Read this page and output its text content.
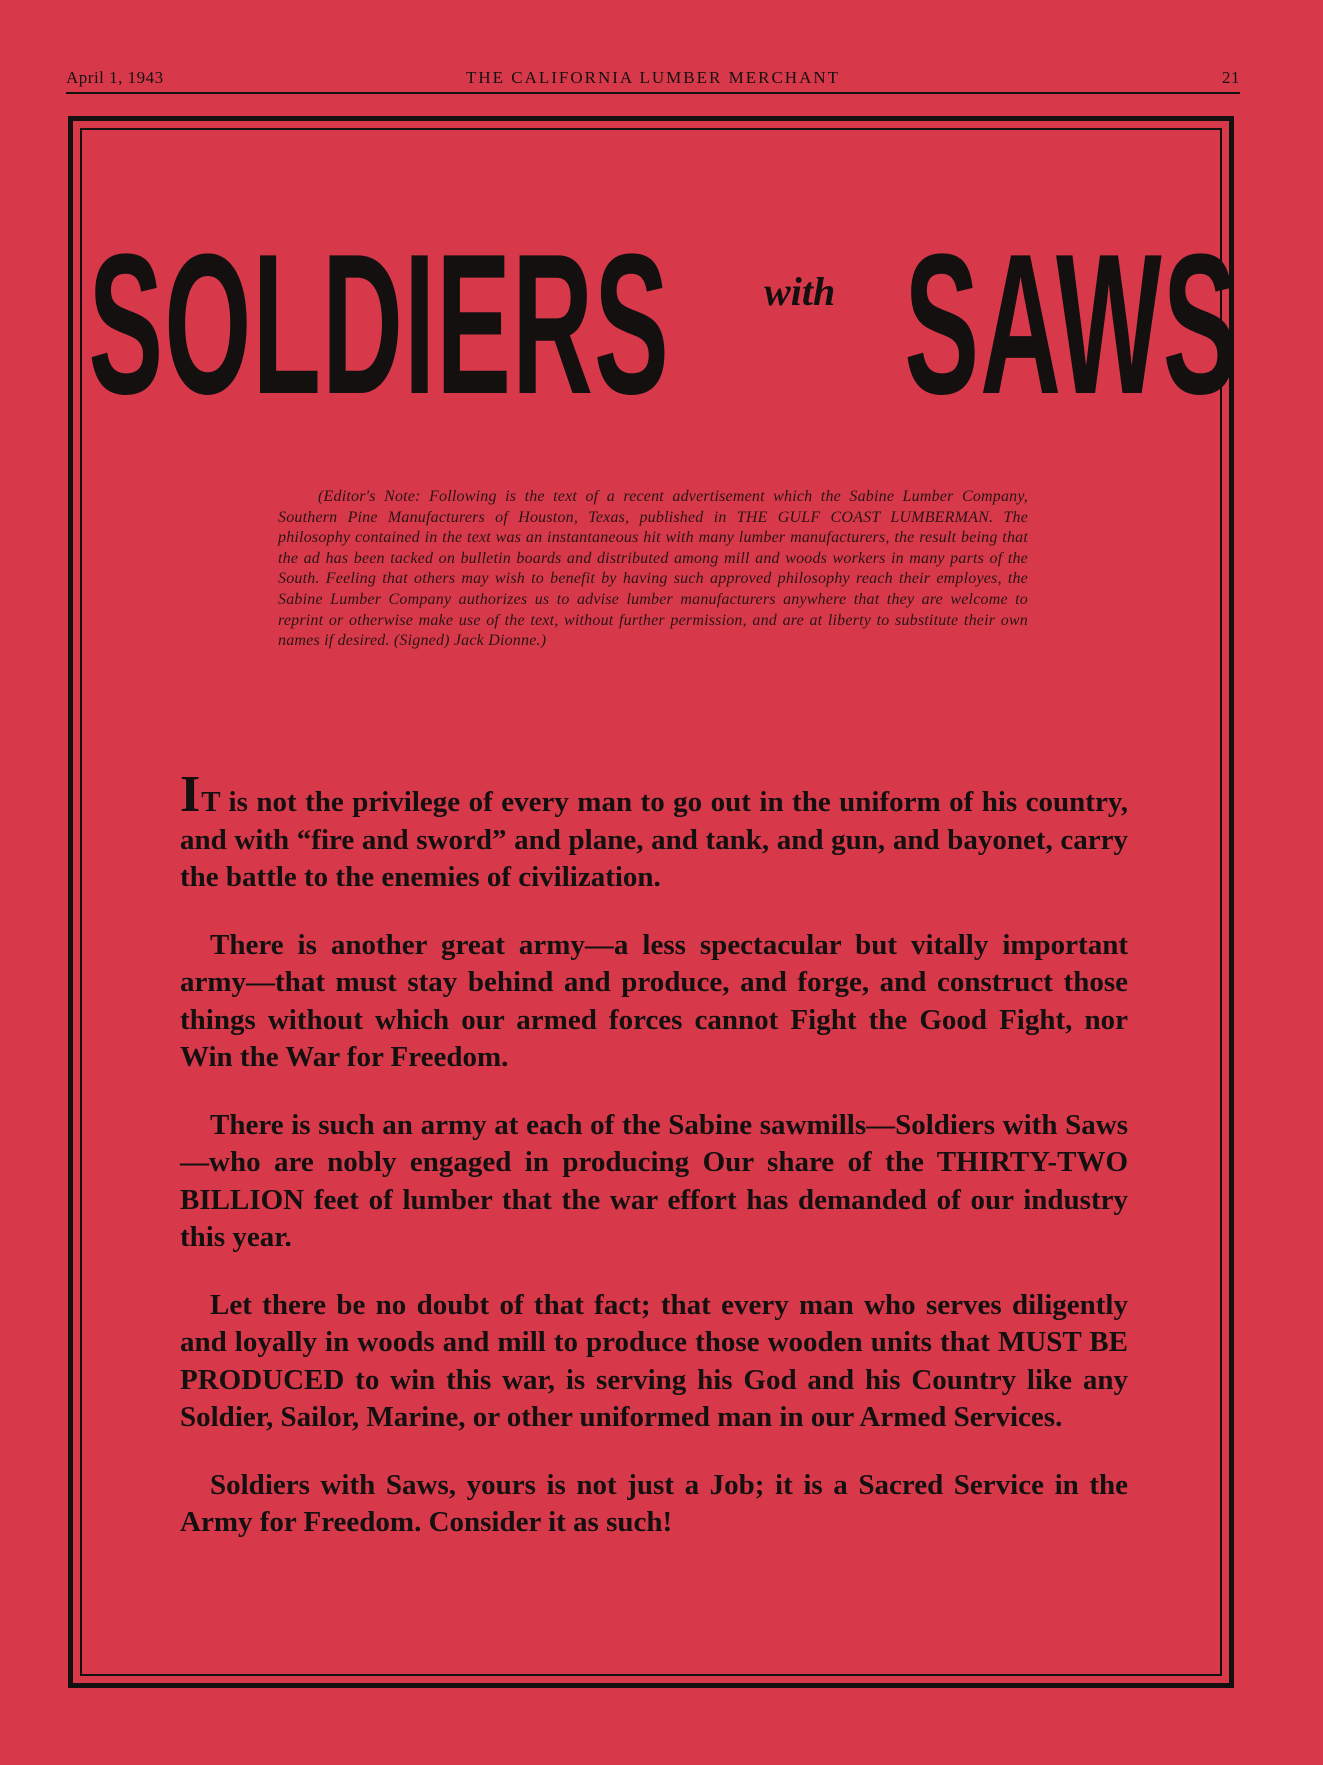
April 1, 1943	THE CALIFORNIA LUMBER MERCHANT	21
SOLDIERS	with SAWS
(Editor's Note: Following is the text of a recent advertisement which the Sabine Lumber Company, Southern Pine Manufacturers of Houston, Texas, published in THE GULF COAST LUMBERMAN. The philosophy contained in the text was an instantaneous hit with many lumber manufacturers, the result being that the ad has been tacked on bulletin boards and distributed among mill and woods workers in many parts of the South. Feeling that others may wish to benefit by having such approved philosophy reach their employes, the Sabine Lumber Company authorizes us to advise lumber manufacturers anywhere that they are welcome to reprint or otherwise make use of the text, without further permission, and are at liberty to substitute their own names if desired. (Signed) Jack Dionne.)

IT is not the privilege of every man to go out in the uniform of his country, and with “fire and sword” and plane, and tank, and gun, and bayonet, carry the battle to the enemies of civilization.

There is another great army—a less spectacular but vitally important army—that must stay behind and produce, and forge, and construct those things without which our armed forces cannot Fight the Good Fight, nor Win the War for Freedom.

There is such an army at each of the Sabine sawmills—Soldiers with Saws—who are nobly engaged in producing Our share of the THIRTY-TWO BILLION feet of lumber that the war effort has demanded of our industry this year.

Let there be no doubt of that fact; that every man who serves diligently and loyally in woods and mill to produce those wooden units that MUST BE PRODUCED to win this war, is serving his God and his Country like any Soldier, Sailor, Marine, or other uniformed man in our Armed Services.

Soldiers with Saws, yours is not just a Job; it is a Sacred Service in the Army for Freedom. Consider it as such!
